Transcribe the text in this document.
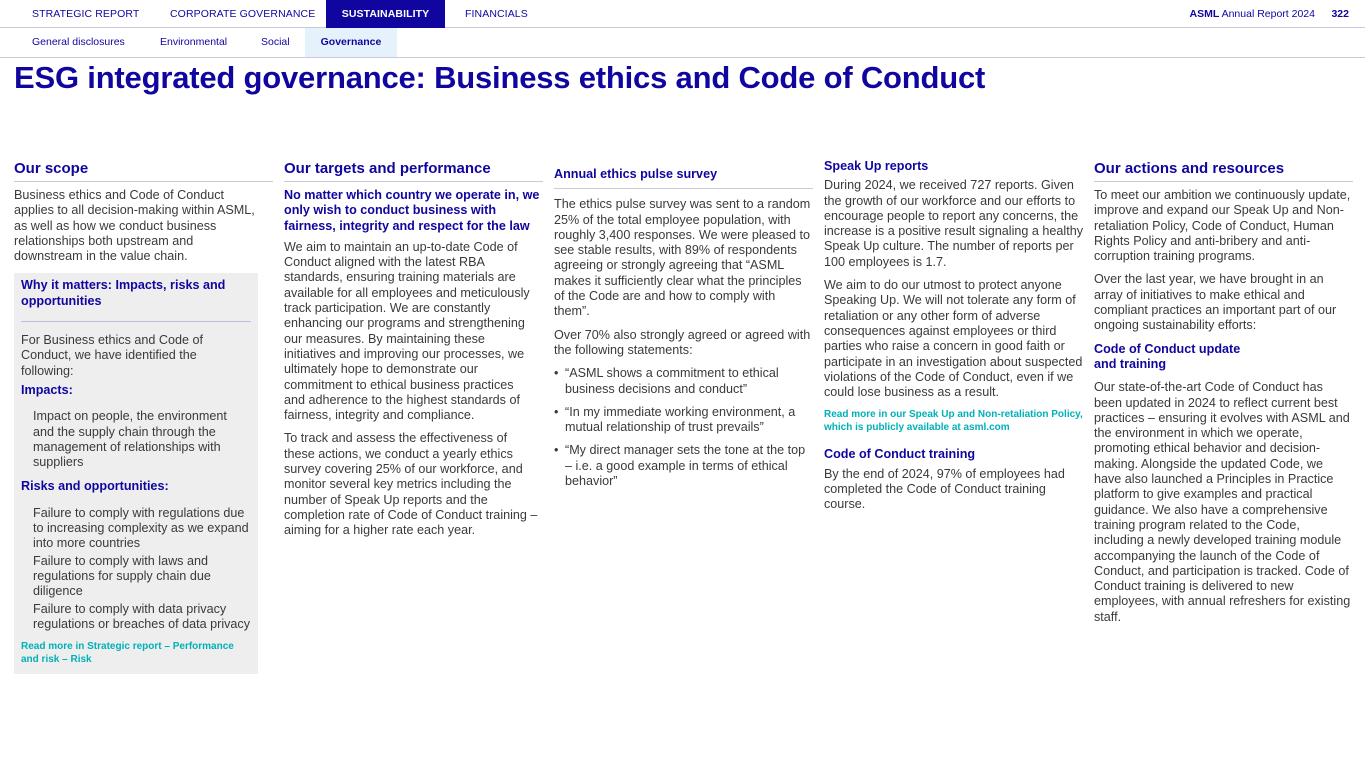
STRATEGIC REPORT	CORPORATE GOVERNANCE	SUSTAINABILITY	FINANCIALS	ASML Annual Report 2024 322
General disclosures	Environmental	Social	Governance
ESG integrated governance: Business ethics and Code of Conduct
Our scope

Business ethics and Code of Conduct applies to all decision-making within ASML, as well as how we conduct business relationships both upstream and downstream in the value chain.

Why it matters: Impacts, risks and opportunities

For Business ethics and Code of Conduct, we have identified the following:

Impacts:

Impact on people, the environment and the supply chain through the management of relationships with suppliers

Risks and opportunities:

Failure to comply with regulations due to increasing complexity as we expand into more countries

Failure to comply with laws and regulations for supply chain due diligence

Failure to comply with data privacy regulations or breaches of data privacy

Read more in Strategic report – Performance and risk – Risk
Our targets and performance
No matter which country we operate in, we only wish to conduct business with fairness, integrity and respect for the law

We aim to maintain an up-to-date Code of Conduct aligned with the latest RBA standards, ensuring training materials are available for all employees and meticulously track participation. We are constantly enhancing our programs and strengthening our measures. By maintaining these initiatives and improving our processes, we ultimately hope to demonstrate our commitment to ethical business practices and adherence to the highest standards of fairness, integrity and compliance.

To track and assess the effectiveness of these actions, we conduct a yearly ethics survey covering 25% of our workforce, and monitor several key metrics including the number of Speak Up reports and the completion rate of Code of Conduct training – aiming for a higher rate each year.

Annual ethics pulse survey

The ethics pulse survey was sent to a random 25% of the total employee population, with roughly 3,400 responses. We were pleased to see stable results, with 89% of respondents agreeing or strongly agreeing that “ASML makes it sufficiently clear what the principles of the Code are and how to comply with them”.

Over 70% also strongly agreed or agreed with the following statements:

• “ASML shows a commitment to ethical business decisions and conduct”
• “In my immediate working environment, a mutual relationship of trust prevails”
• “My direct manager sets the tone at the top – i.e. a good example in terms of ethical behavior”
Speak Up reports

During 2024, we received 727 reports. Given the growth of our workforce and our efforts to encourage people to report any concerns, the increase is a positive result signaling a healthy Speak Up culture. The number of reports per 100 employees is 1.7.

We aim to do our utmost to protect anyone Speaking Up. We will not tolerate any form of retaliation or any other form of adverse consequences against employees or third parties who raise a concern in good faith or participate in an investigation about suspected violations of the Code of Conduct, even if we could lose business as a result.

Read more in our Speak Up and Non-retaliation Policy, which is publicly available at asml.com
Code of Conduct training

By the end of 2024, 97% of employees had completed the Code of Conduct training course.

Our actions and resources

To meet our ambition we continuously update, improve and expand our Speak Up and Non-retaliation Policy, Code of Conduct, Human Rights Policy and anti-bribery and anti-corruption training programs.

Over the last year, we have brought in an array of initiatives to make ethical and compliant practices an important part of our ongoing sustainability efforts:

Code of Conduct update and training

Our state-of-the-art Code of Conduct has been updated in 2024 to reflect current best practices – ensuring it evolves with ASML and the environment in which we operate, promoting ethical behavior and decision-making. Alongside the updated Code, we have also launched a Principles in Practice platform to give examples and practical guidance. We also have a comprehensive training program related to the Code, including a newly developed training module accompanying the launch of the Code of Conduct, and participation is tracked. Code of Conduct training is delivered to new employees, with annual refreshers for existing staff.
